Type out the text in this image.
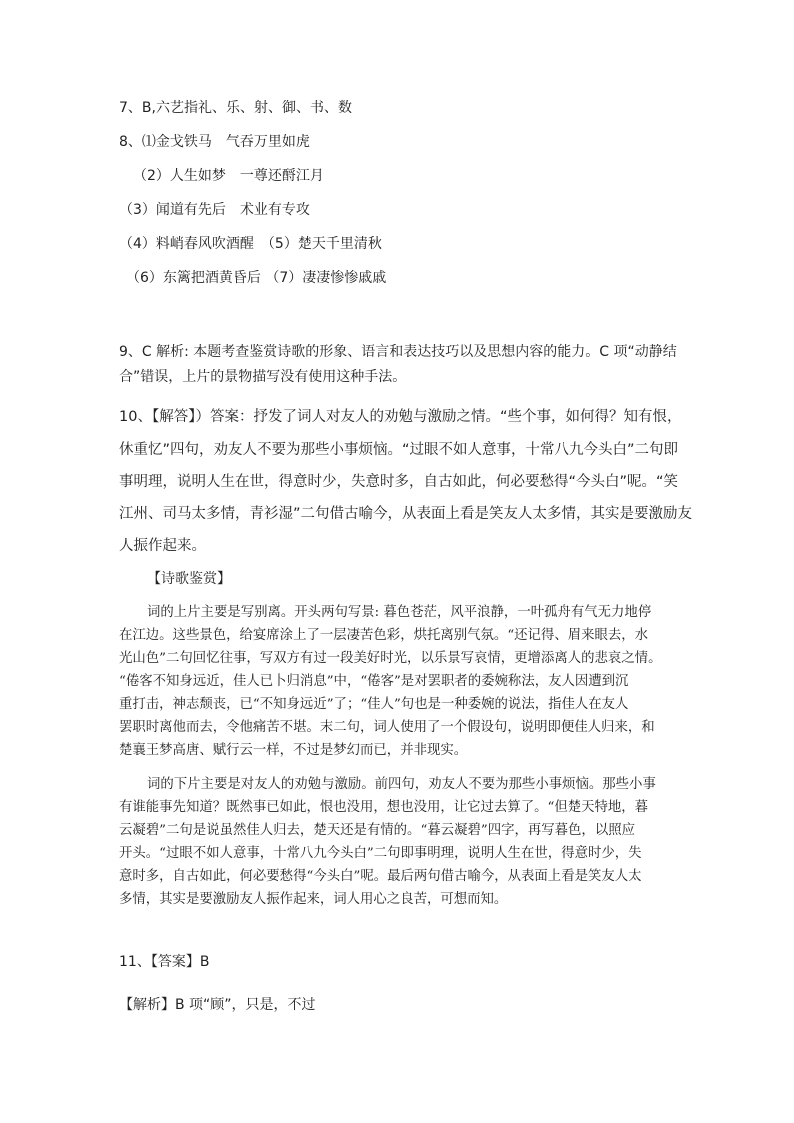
7、B,六艺指礼、乐、射、御、书、数
8、⑴金戈铁马　气吞万里如虎
（2）人生如梦　一尊还酹江月
（3）闻道有先后　术业有专攻
（4）料峭春风吹酒醒　（5）楚天千里清秋
（6）东篱把酒黄昏后 （7）凄凄惨惨戚戚
9、C 解析: 本题考查鉴赏诗歌的形象、语言和表达技巧以及思想内容的能力。C 项“动静结
合”错误，上片的景物描写没有使用这种手法。
10、【解答】）答案：抒发了词人对友人的劝勉与激励之情。“些个事，如何得？知有恨，
休重忆”四句，劝友人不要为那些小事烦恼。“过眼不如人意事，十常八九今头白”二句即
事明理，说明人生在世，得意时少，失意时多，自古如此，何必要愁得“今头白”呢。“笑
江州、司马太多情，青衫湿”二句借古喻今，从表面上看是笑友人太多情，其实是要激励友
人振作起来。
【诗歌鉴赏】
词的上片主要是写别离。开头两句写景: 暮色苍茫，风平浪静，一叶孤舟有气无力地停
在江边。这些景色，给宴席涂上了一层凄苦色彩，烘托离别气氛。“还记得、眉来眼去，水
光山色”二句回忆往事，写双方有过一段美好时光，以乐景写哀情，更增添离人的悲哀之情。
“倦客不知身远近，佳人已卜归消息”中，“倦客”是对罢职者的委婉称法，友人因遭到沉
重打击，神志颓丧，已“不知身远近”了；“佳人”句也是一种委婉的说法，指佳人在友人
罢职时离他而去，令他痛苦不堪。末二句，词人使用了一个假设句，说明即便佳人归来，和
楚襄王梦高唐、赋行云一样，不过是梦幻而已，并非现实。
词的下片主要是对友人的劝勉与激励。前四句，劝友人不要为那些小事烦恼。那些小事
有谁能事先知道？既然事已如此，恨也没用，想也没用，让它过去算了。“但楚天特地，暮
云凝碧”二句是说虽然佳人归去，楚天还是有情的。“暮云凝碧”四字，再写暮色，以照应
开头。“过眼不如人意事，十常八九今头白”二句即事明理，说明人生在世，得意时少，失
意时多，自古如此，何必要愁得“今头白”呢。最后两句借古喻今，从表面上看是笑友人太
多情，其实是要激励友人振作起来，词人用心之良苦，可想而知。
11、【答案】B
【解析】B 项“顾”，只是，不过
